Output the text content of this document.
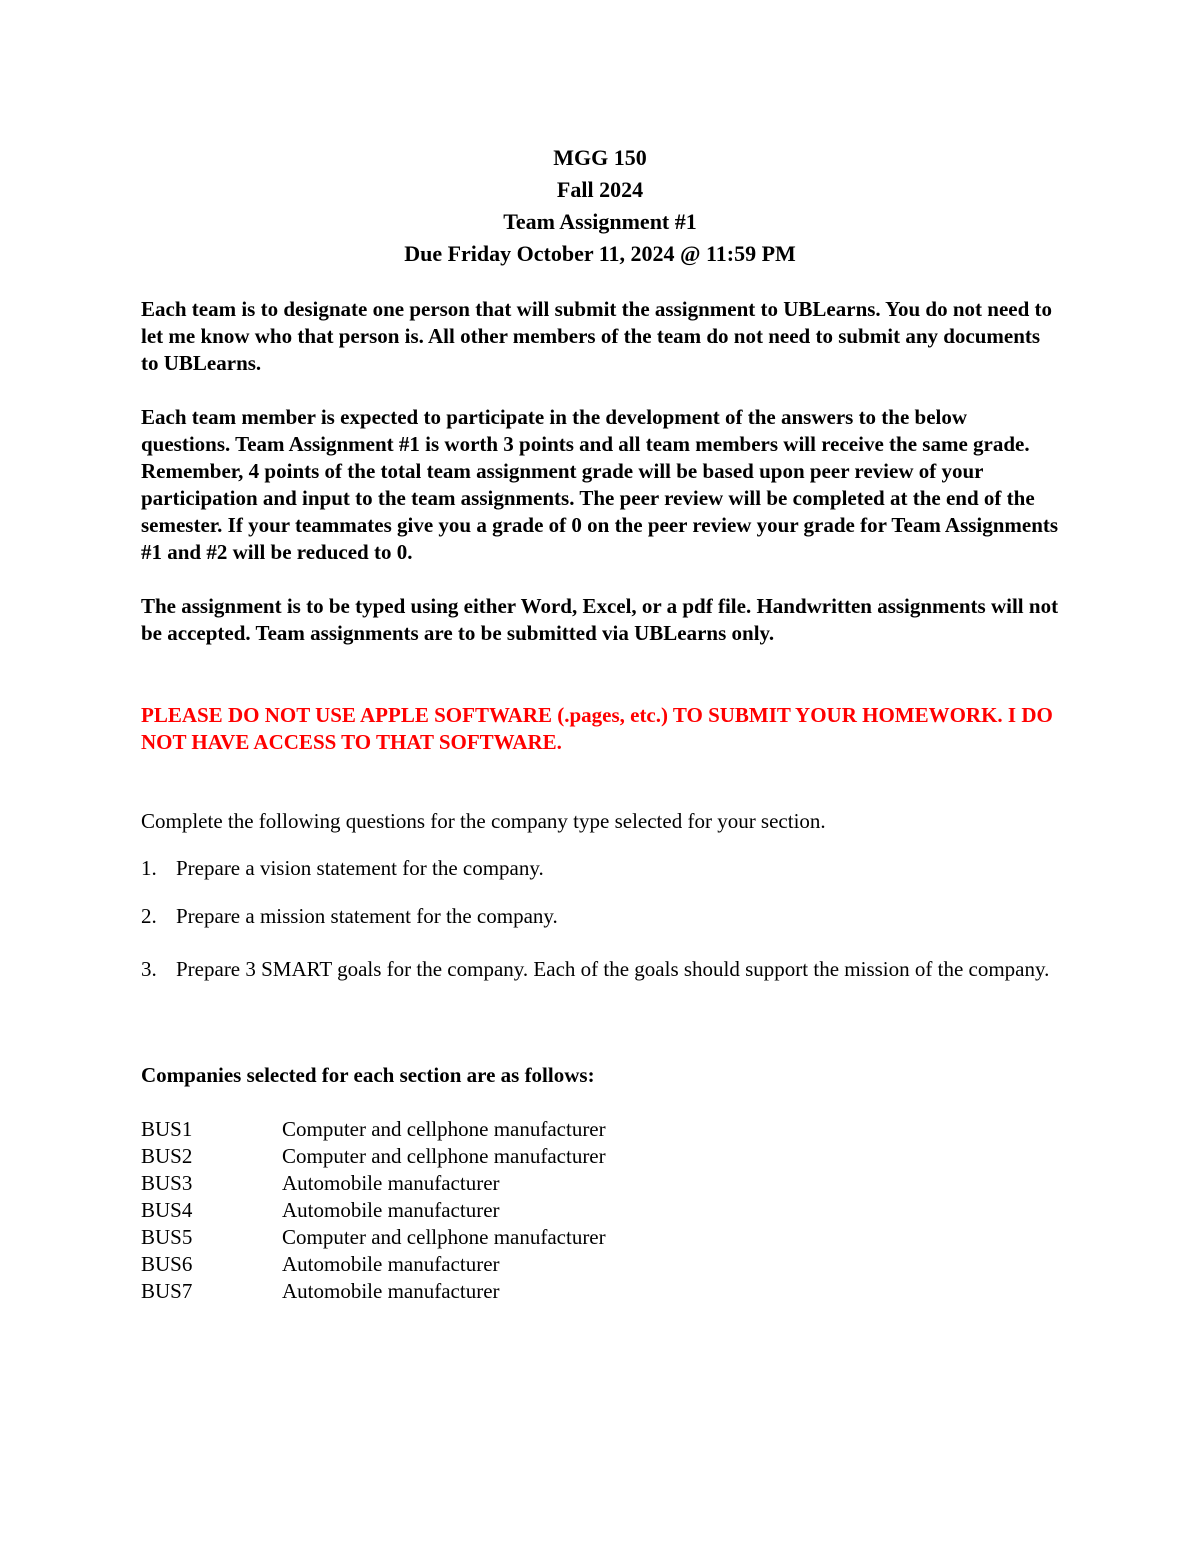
MGG 150
Fall 2024
Team Assignment #1
Due Friday October 11, 2024 @ 11:59 PM

Each team is to designate one person that will submit the assignment to UBLearns. You do not need to let me know who that person is. All other members of the team do not need to submit any documents to UBLearns.

Each team member is expected to participate in the development of the answers to the below questions. Team Assignment #1 is worth 3 points and all team members will receive the same grade. Remember, 4 points of the total team assignment grade will be based upon peer review of your participation and input to the team assignments. The peer review will be completed at the end of the semester. If your teammates give you a grade of 0 on the peer review your grade for Team Assignments #1 and #2 will be reduced to 0.

The assignment is to be typed using either Word, Excel, or a pdf file. Handwritten assignments will not be accepted. Team assignments are to be submitted via UBLearns only.

PLEASE DO NOT USE APPLE SOFTWARE (.pages, etc.) TO SUBMIT YOUR HOMEWORK. I DO NOT HAVE ACCESS TO THAT SOFTWARE.

Complete the following questions for the company type selected for your section.

1. Prepare a vision statement for the company.
2. Prepare a mission statement for the company.
3. Prepare 3 SMART goals for the company. Each of the goals should support the mission of the company.

Companies selected for each section are as follows:

BUS1	Computer and cellphone manufacturer
BUS2	Computer and cellphone manufacturer
BUS3	Automobile manufacturer
BUS4	Automobile manufacturer
BUS5	Computer and cellphone manufacturer
BUS6	Automobile manufacturer
BUS7	Automobile manufacturer
